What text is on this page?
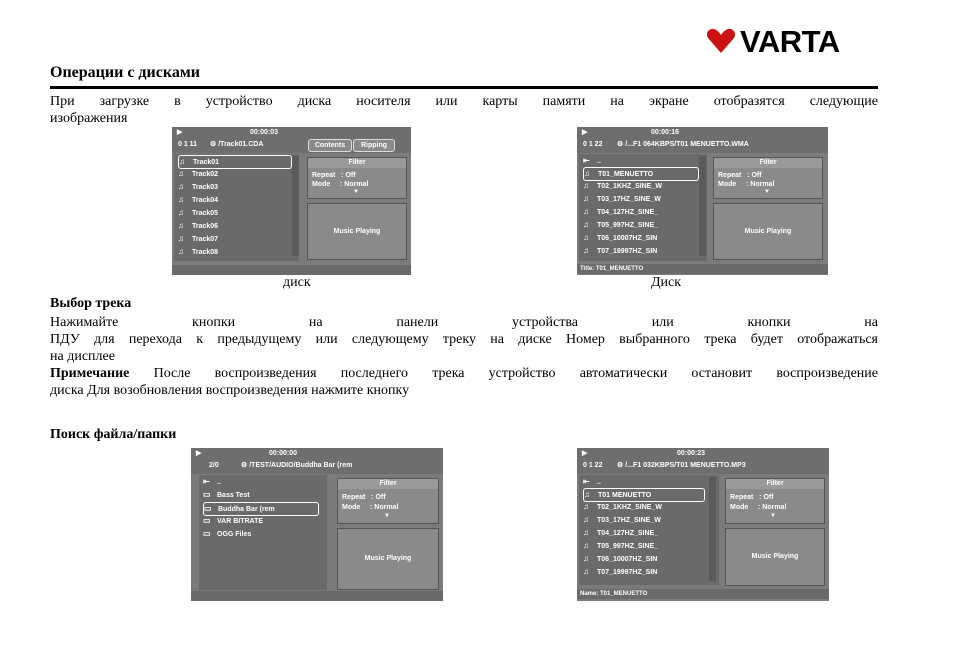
VARTA
Операции с дисками
При загрузке в устройство диска носителя или карты памяти на экране отобразятся следующие
изображения
▶	00:00:03
0 1 11 ⚙ /Track01.CDA	Contents	Ripping
♫ Track01
♫ Track02
♫ Track03
♫ Track04
♫ Track05
♫ Track06
♫ Track07
♫ Track08
Filter
Repeat   : Off
Mode     : Normal
▼
Music Playing
диск
▶	00:00:16
0 1 22 ⚙ /...F1 064KBPS/T01 MENUETTO.WMA
⇤ ..
♫ T01_MENUETTO
♫ T02_1KHZ_SINE_W
♫ T03_17HZ_SINE_W
♫ T04_127HZ_SINE_
♫ T05_997HZ_SINE_
♫ T06_10007HZ_SIN
♫ T07_19997HZ_SIN
Filter
Repeat   : Off
Mode     : Normal
▼
Music Playing
Title: T01_MENUETTO
Диск
Выбор трека
Нажимайте кнопки на панели устройства или кнопки на
ПДУ для перехода к предыдущему или следующему треку на диске Номер выбранного трека будет отображаться
на дисплее
Примечание После воспроизведения последнего трека устройство автоматически остановит воспроизведение
диска Для возобновления воспроизведения нажмите кнопку
Поиск файла/папки
▶	00:00:00
2/0	⚙ /TEST/AUDIO/Buddha Bar (rem
⇤ ..
▭ Bass Test
▭ Buddha Bar (rem
▭ VAR BITRATE
▭ OGG Files
Filter
Repeat   : Off
Mode     : Normal
▼
Music Playing
▶	00:00:23
0 1 22 ⚙ /...F1 032KBPS/T01 MENUETTO.MP3
⇤ ..
♫ T01 MENUETTO
♫ T02_1KHZ_SINE_W
♫ T03_17HZ_SINE_W
♫ T04_127HZ_SINE_
♫ T05_997HZ_SINE_
♫ T06_10007HZ_SIN
♫ T07_19997HZ_SIN
Filter
Repeat   : Off
Mode     : Normal
▼
Music Playing
Name: T01_MENUETTO
